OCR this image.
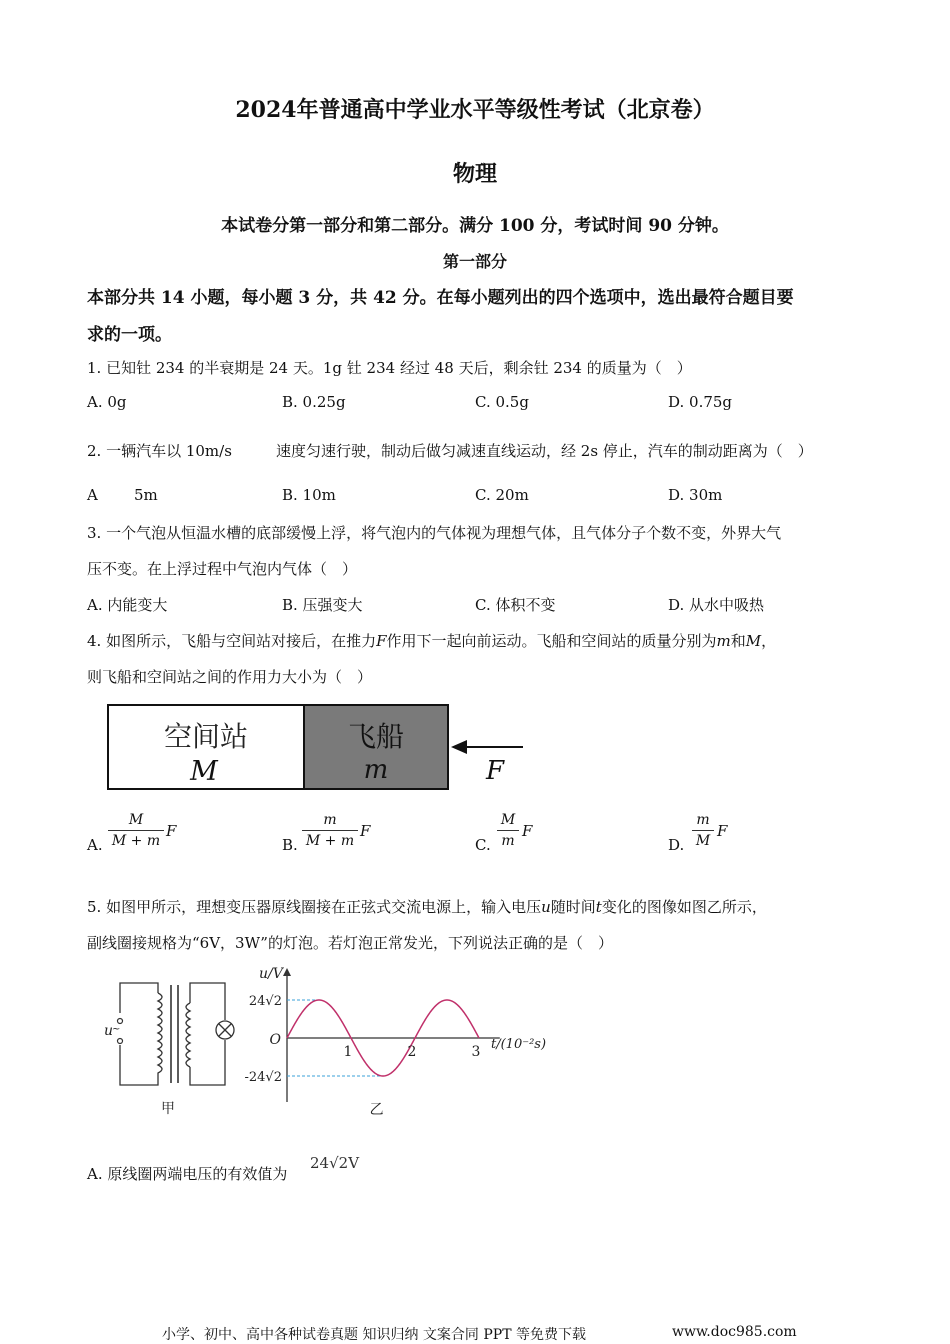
2024年普通高中学业水平等级性考试（北京卷）
物理
本试卷分第一部分和第二部分。满分 100 分，考试时间 90 分钟。
第一部分
本部分共 14 小题，每小题 3 分，共 42 分。在每小题列出的四个选项中，选出最符合题目要
求的一项。
1. 已知钍 234 的半衰期是 24 天。1g 钍 234 经过 48 天后，剩余钍 234 的质量为（　）
A. 0g	B. 0.25g	C. 0.5g	D. 0.75g
2. 一辆汽车以 10m/s	速度匀速行驶，制动后做匀减速直线运动，经 2s 停止，汽车的制动距离为（　）
A 5m	B. 10m	C. 20m	D. 30m
3. 一个气泡从恒温水槽的底部缓慢上浮，将气泡内的气体视为理想气体，且气体分子个数不变，外界大气
压不变。在上浮过程中气泡内气体（　）
A. 内能变大	B. 压强变大	C. 体积不变	D. 从水中吸热
4. 如图所示，飞船与空间站对接后，在推力F作用下一起向前运动。飞船和空间站的质量分别为m和M，
则飞船和空间站之间的作用力大小为（　）
空间站
M
飞船
m	F
A.
M
M + m
F
B.
m
M + m
F
C.
M
m
F
D.
m
M
F
5. 如图甲所示，理想变压器原线圈接在正弦式交流电源上，输入电压u随时间t变化的图像如图乙所示，
副线圈接规格为“6V，3W”的灯泡。若灯泡正常发光，下列说法正确的是（　）
u
~
甲
1	2	3
O
24√2
-24√2
u/V
t/(10⁻²s)
乙
A. 原线圈两端电压的有效值为
24√2V
小学、初中、高中各种试卷真题 知识归纳 文案合同 PPT 等免费下载	www.doc985.com
